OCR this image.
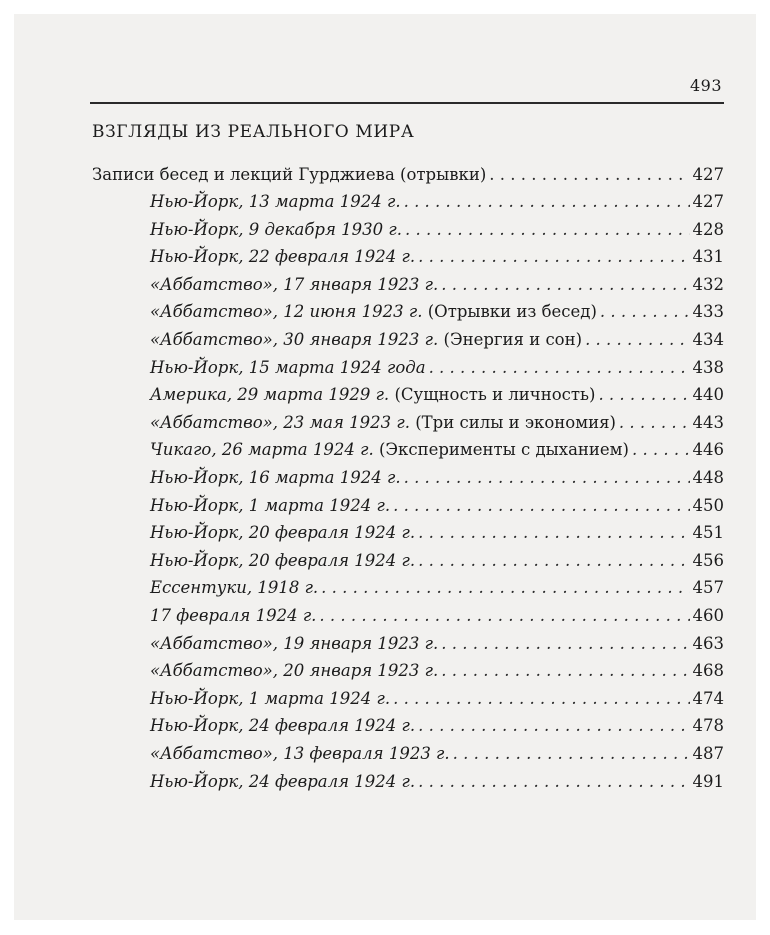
493
ВЗГЛЯДЫ ИЗ РЕАЛЬНОГО МИРА
Записи бесед и лекций Гурджиева (отрывки) . . .	427
Нью-Йорк, 13 марта 1924 г. . . .	427
Нью-Йорк, 9 декабря 1930 г. . . .	428
Нью-Йорк, 22 февраля 1924 г. . . .	431
«Аббатство», 17 января 1923 г. . . .	432
«Аббатство», 12 июня 1923 г. (Отрывки из бесед) . . .	433
«Аббатство», 30 января 1923 г. (Энергия и сон) . . .	434
Нью-Йорк, 15 марта 1924 года . . .	438
Америка, 29 марта 1929 г. (Сущность и личность) . . .	440
«Аббатство», 23 мая 1923 г. (Три силы и экономия) . . .	443
Чикаго, 26 марта 1924 г. (Эксперименты с дыханием) . . .	446
Нью-Йорк, 16 марта 1924 г. . . .	448
Нью-Йорк, 1 марта 1924 г. . . .	450
Нью-Йорк, 20 февраля 1924 г. . . .	451
Нью-Йорк, 20 февраля 1924 г. . . .	456
Ессентуки, 1918 г. . . .	457
17 февраля 1924 г. . . .	460
«Аббатство», 19 января 1923 г. . . .	463
«Аббатство», 20 января 1923 г. . . .	468
Нью-Йорк, 1 марта 1924 г. . . .	474
Нью-Йорк, 24 февраля 1924 г. . . .	478
«Аббатство», 13 февраля 1923 г. . . .	487
Нью-Йорк, 24 февраля 1924 г. . . .	491
